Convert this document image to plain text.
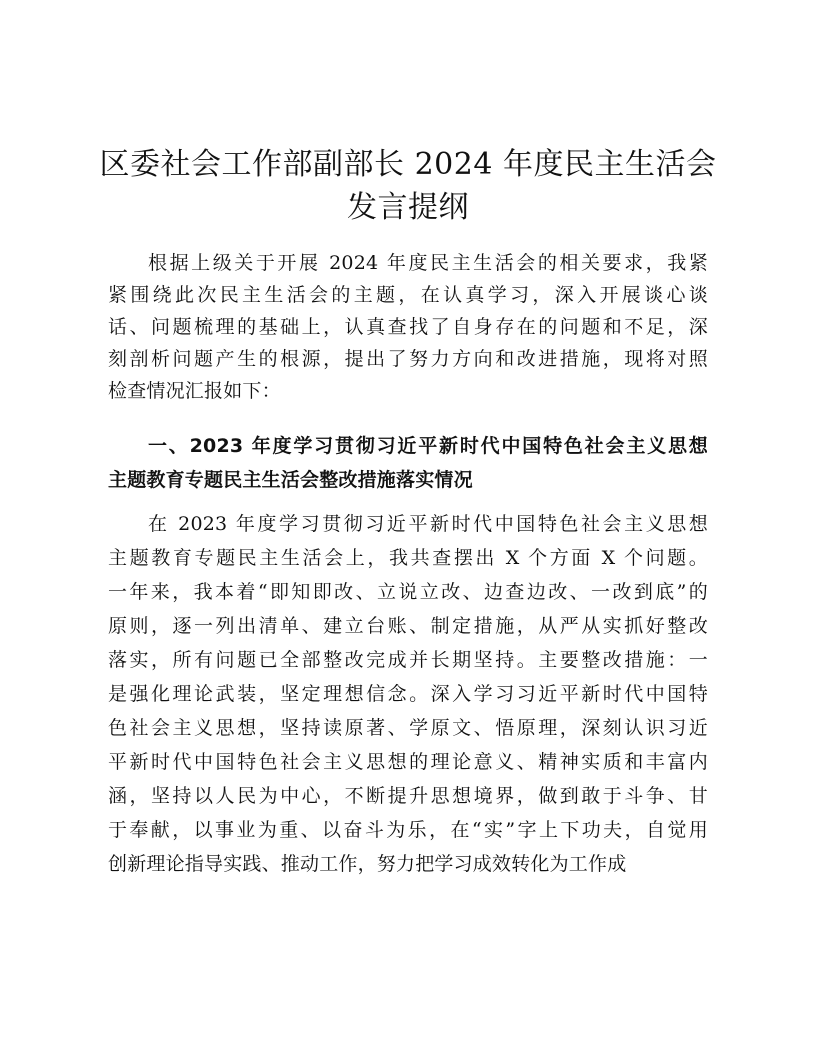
区委社会工作部副部长 2024 年度民主生活会
发言提纲
根据上级关于开展 2024 年度民主生活会的相关要求，我紧
紧围绕此次民主生活会的主题，在认真学习，深入开展谈心谈
话、问题梳理的基础上，认真查找了自身存在的问题和不足，深
刻剖析问题产生的根源，提出了努力方向和改进措施，现将对照
检查情况汇报如下：
一、2023 年度学习贯彻习近平新时代中国特色社会主义思想
主题教育专题民主生活会整改措施落实情况
在 2023 年度学习贯彻习近平新时代中国特色社会主义思想
主题教育专题民主生活会上，我共查摆出 X 个方面 X 个问题。
一年来，我本着“即知即改、立说立改、边查边改、一改到底”的
原则，逐一列出清单、建立台账、制定措施，从严从实抓好整改
落实，所有问题已全部整改完成并长期坚持。主要整改措施：一
是强化理论武装，坚定理想信念。深入学习习近平新时代中国特
色社会主义思想，坚持读原著、学原文、悟原理，深刻认识习近
平新时代中国特色社会主义思想的理论意义、精神实质和丰富内
涵，坚持以人民为中心，不断提升思想境界，做到敢于斗争、甘
于奉献，以事业为重、以奋斗为乐，在“实”字上下功夫，自觉用
创新理论指导实践、推动工作，努力把学习成效转化为工作成
